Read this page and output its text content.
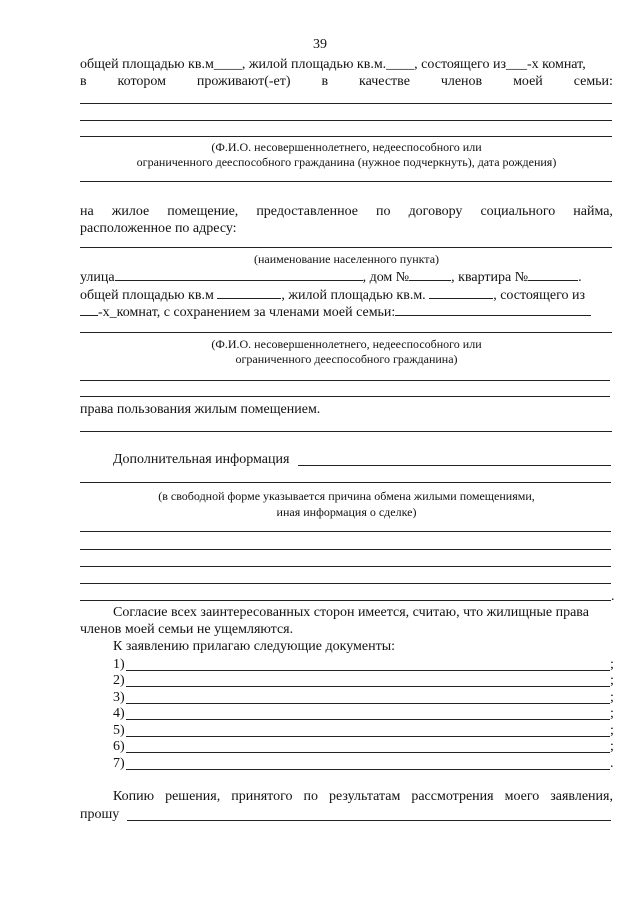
39
общей площадью кв.м____, жилой площадью кв.м.____, состоящего из___-х комнат,
в котором проживают(-ет) в качестве членов моей семьи:
(Ф.И.О. несовершеннолетнего, недееспособного или
ограниченного дееспособного гражданина (нужное подчеркнуть), дата рождения)
на жилое помещение, предоставленное по договору социального найма,
расположенное по адресу:
(наименование населенного пункта)
улица	, дом №	, квартира №	.
общей площадью кв.м	, жилой площадью кв.м.	, состоящего из
-х_комнат, с сохранением за членами моей семьи:
(Ф.И.О. несовершеннолетнего, недееспособного или
ограниченного дееспособного гражданина)
права пользования жилым помещением.
Дополнительная информация
(в свободной форме указывается причина обмена жилыми помещениями,
иная информация о сделке)
.
Согласие всех заинтересованных сторон имеется, считаю, что жилищные права
членов моей семьи не ущемляются.
К заявлению прилагаю следующие документы:
1)	;
2)	;
3)	;
4)	;
5)	;
6)	;
7)	.
Копию решения, принятого по результатам рассмотрения моего заявления,
прошу
